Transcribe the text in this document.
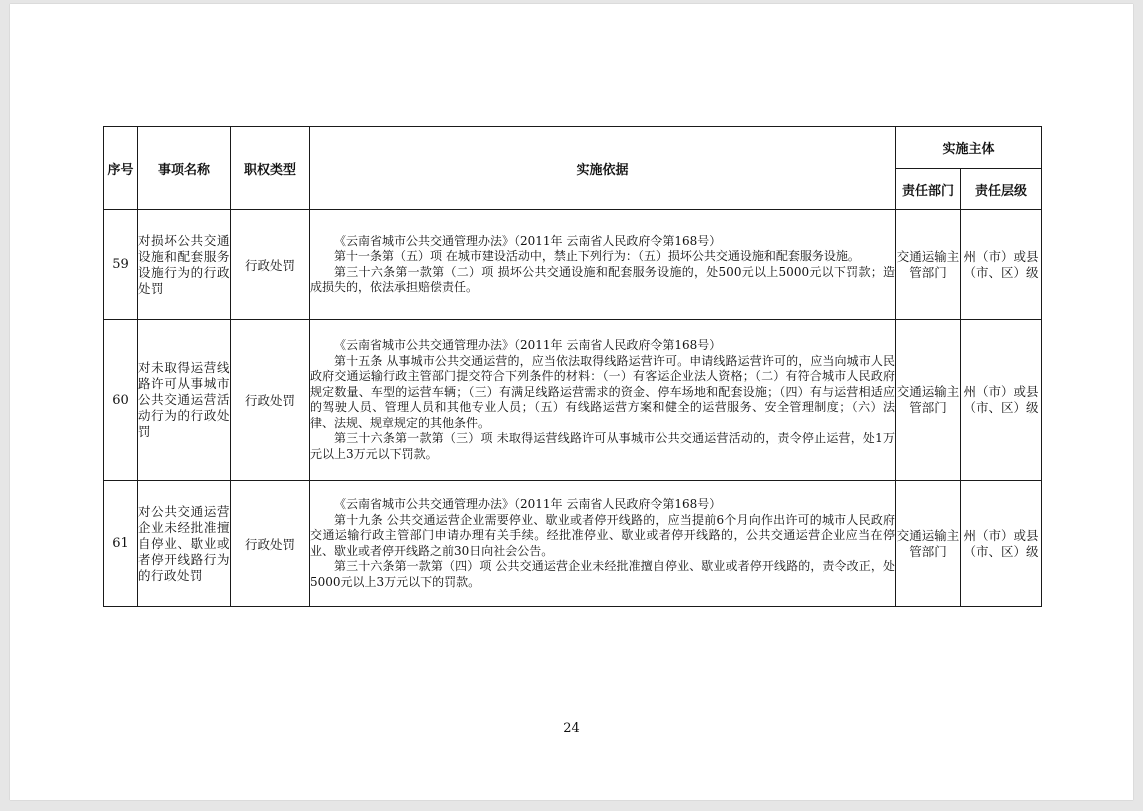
序号	事项名称	职权类型	实施依据	实施主体	
				责任部门	责任层级
59	对损坏公共交通设施和配套服务设施行为的行政处罚	行政处罚	《云南省城市公共交通管理办法》（2011年 云南省人民政府令第168号）

第十一条第（五）项 在城市建设活动中，禁止下列行为：（五）损坏公共交通设施和配套服务设施。

第三十六条第一款第（二）项 损坏公共交通设施和配套服务设施的，处500元以上5000元以下罚款；造成损失的，依法承担赔偿责任。	交通运输主管部门	州（市）或县（市、区）级
60	对未取得运营线路许可从事城市公共交通运营活动行为的行政处罚	行政处罚	《云南省城市公共交通管理办法》（2011年 云南省人民政府令第168号）

第十五条 从事城市公共交通运营的，应当依法取得线路运营许可。申请线路运营许可的，应当向城市人民政府交通运输行政主管部门提交符合下列条件的材料：（一）有客运企业法人资格；（二）有符合城市人民政府规定数量、车型的运营车辆；（三）有满足线路运营需求的资金、停车场地和配套设施；（四）有与运营相适应的驾驶人员、管理人员和其他专业人员；（五）有线路运营方案和健全的运营服务、安全管理制度；（六）法律、法规、规章规定的其他条件。

第三十六条第一款第（三）项 未取得运营线路许可从事城市公共交通运营活动的，责令停止运营，处1万元以上3万元以下罚款。	交通运输主管部门	州（市）或县（市、区）级
61	对公共交通运营企业未经批准擅自停业、歇业或者停开线路行为的行政处罚	行政处罚	《云南省城市公共交通管理办法》（2011年 云南省人民政府令第168号）

第十九条 公共交通运营企业需要停业、歇业或者停开线路的，应当提前6个月向作出许可的城市人民政府交通运输行政主管部门申请办理有关手续。经批准停业、歇业或者停开线路的，公共交通运营企业应当在停业、歇业或者停开线路之前30日向社会公告。

第三十六条第一款第（四）项 公共交通运营企业未经批准擅自停业、歇业或者停开线路的，责令改正，处5000元以上3万元以下的罚款。	交通运输主管部门	州（市）或县（市、区）级
24
